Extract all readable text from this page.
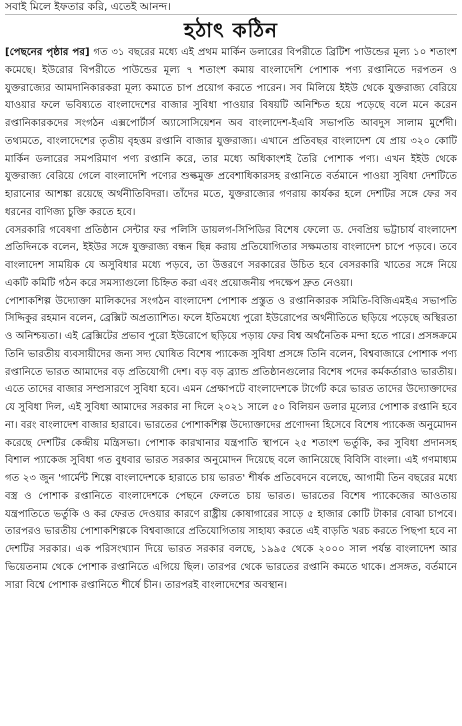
সবাই মিলে ইফতার করি, এতেই আনন্দ।
হঠাৎ কঠিন

[পেছনের পৃষ্ঠার পর] গত ৩১ বছরের মধ্যে এই প্রথম মার্কিন ডলারের বিপরীতে ব্রিটিশ পাউন্ডের মূল্য ১০ শতাংশ কমেছে। ইউরোর বিপরীতে পাউন্ডের মূল্য ৭ শতাংশ কমায় বাংলাদেশি পোশাক পণ্য রপ্তানিতে দরপতন ও যুক্তরাজ্যের আমদানিকারকরা মূল্য কমাতে চাপ প্রয়োগ করতে পারেন। সব মিলিয়ে ইইউ থেকে যুক্তরাজ্য বেরিয়ে যাওয়ার ফলে ভবিষ্যতে বাংলাদেশের বাজার সুবিধা পাওয়ার বিষয়টি অনিশ্চিত হয়ে পড়েছে বলে মনে করেন রপ্তানিকারকদের সংগঠন এক্সপোর্টার্স অ্যাসোসিয়েশন অব বাংলাদেশ-ইএবি সভাপতি আবদুস সালাম মুর্শেদী। তথ্যমতে, বাংলাদেশের তৃতীয় বৃহত্তম রপ্তানি বাজার যুক্তরাজ্য। এখানে প্রতিবছর বাংলাদেশ যে প্রায় ৩২০ কোটি মার্কিন ডলারের সমপরিমাণ পণ্য রপ্তানি করে, তার মধ্যে অধিকাংশই তৈরি পোশাক পণ্য। এখন ইইউ থেকে যুক্তরাজ্য বেরিয়ে গেলে বাংলাদেশি পণ্যের শুল্কমুক্ত প্রবেশাধিকারসহ রপ্তানিতে বর্তমানে পাওয়া সুবিধা দেশটিতে হারানোর আশঙ্কা রয়েছে অর্থনীতিবিদরা। তাঁদের মতে, যুক্তরাজ্যের গণরায় কার্যকর হলে দেশটির সঙ্গে ফের সব ধরনের বাণিজ্য চুক্তি করতে হবে।

বেসরকারি গবেষণা প্রতিষ্ঠান সেন্টার ফর পলিসি ডায়লগ-সিপিডির বিশেষ ফেলো ড. দেবপ্রিয় ভট্টাচার্য বাংলাদেশ প্রতিদিনকে বলেন, ইইউর সঙ্গে যুক্তরাজ্য বন্ধন ছিন্ন করায় প্রতিযোগিতার সক্ষমতায় বাংলাদেশ চাপে পড়বে। তবে বাংলাদেশ সাময়িক যে অসুবিধার মধ্যে পড়বে, তা উত্তরণে সরকারের উচিত হবে বেসরকারি খাতের সঙ্গে নিয়ে একটি কমিটি গঠন করে সমস্যাগুলো চিহ্নিত করা এবং প্রয়োজনীয় পদক্ষেপ দ্রুত নেওয়া।

পোশাকশিল্প উদ্যোক্তা মালিকদের সংগঠন বাংলাদেশ পোশাক প্রস্তুত ও রপ্তানিকারক সমিতি-বিজিএমইএ সভাপতি সিদ্দিকুর রহমান বলেন, ব্রেক্সিট অপ্রত্যাশিত। ফলে ইতিমধ্যে পুরো ইউরোপের অর্থনীতিতে ছড়িয়ে পড়েছে অস্থিরতা ও অনিশ্চয়তা। এই ব্রেক্সিটের প্রভাব পুরো ইউরোপে ছড়িয়ে পড়ায় ফের বিশ্ব অর্থনৈতিক মন্দা হতে পারে। প্রসঙ্গক্রমে তিনি ভারতীয় ব্যবসায়ীদের জন্য সদ্য ঘোষিত বিশেষ প্যাকেজ সুবিধা প্রসঙ্গে তিনি বলেন, বিশ্ববাজারে পোশাক পণ্য রপ্তানিতে ভারত আমাদের বড় প্রতিযোগী দেশ। বড় বড় ব্র্যান্ড প্রতিষ্ঠানগুলোর বিশেষ পদের কর্মকর্তারাও ভারতীয়। এতে তাদের বাজার সম্প্রসারণে সুবিধা হবে। এমন প্রেক্ষাপটে বাংলাদেশকে টার্গেট করে ভারত তাদের উদ্যোক্তাদের যে সুবিধা দিল, এই সুবিধা আমাদের সরকার না দিলে ২০২১ সালে ৫০ বিলিয়ন ডলার মূল্যের পোশাক রপ্তানি হবে না। বরং বাংলাদেশ বাজার হারাবে। ভারতের পোশাকশিল্প উদ্যোক্তাদের প্রণোদনা হিসেবে বিশেষ প্যাকেজ অনুমোদন করেছে দেশটির কেন্দ্রীয় মন্ত্রিসভা। পোশাক কারখানার যন্ত্রপাতি স্থাপনে ২৫ শতাংশ ভর্তুকি, কর সুবিধা প্রদানসহ বিশাল প্যাকেজ সুবিধা গত বুধবার ভারত সরকার অনুমোদন দিয়েছে বলে জানিয়েছে বিবিসি বাংলা। এই গণমাধ্যম গত ২৩ জুন 'গার্মেন্ট শিল্পে বাংলাদেশকে হারাতে চায় ভারত' শীর্ষক প্রতিবেদনে বলেছে, আগামী তিন বছরের মধ্যে বস্ত্র ও পোশাক রপ্তানিতে বাংলাদেশকে পেছনে ফেলতে চায় ভারত। ভারতের বিশেষ প্যাকেজের আওতায় যন্ত্রপাতিতে ভর্তুকি ও কর ফেরত দেওয়ার কারণে রাষ্ট্রীয় কোষাগারের সাড়ে ৫ হাজার কোটি টাকার বোঝা চাপবে। তারপরও ভারতীয় পোশাকশিল্পকে বিশ্ববাজারে প্রতিযোগিতায় সাহায্য করতে এই বাড়তি খরচ করতে পিছপা হবে না দেশটির সরকার। এক পরিসংখ্যান দিয়ে ভারত সরকার বলছে, ১৯৯৫ থেকে ২০০০ সাল পর্যন্ত বাংলাদেশ আর ভিয়েতনাম থেকে পোশাক রপ্তানিতে এগিয়ে ছিল। তারপর থেকে ভারতের রপ্তানি কমতে থাকে। প্রসঙ্গত, বর্তমানে সারা বিশ্বে পোশাক রপ্তানিতে শীর্ষে চীন। তারপরই বাংলাদেশের অবস্থান।
